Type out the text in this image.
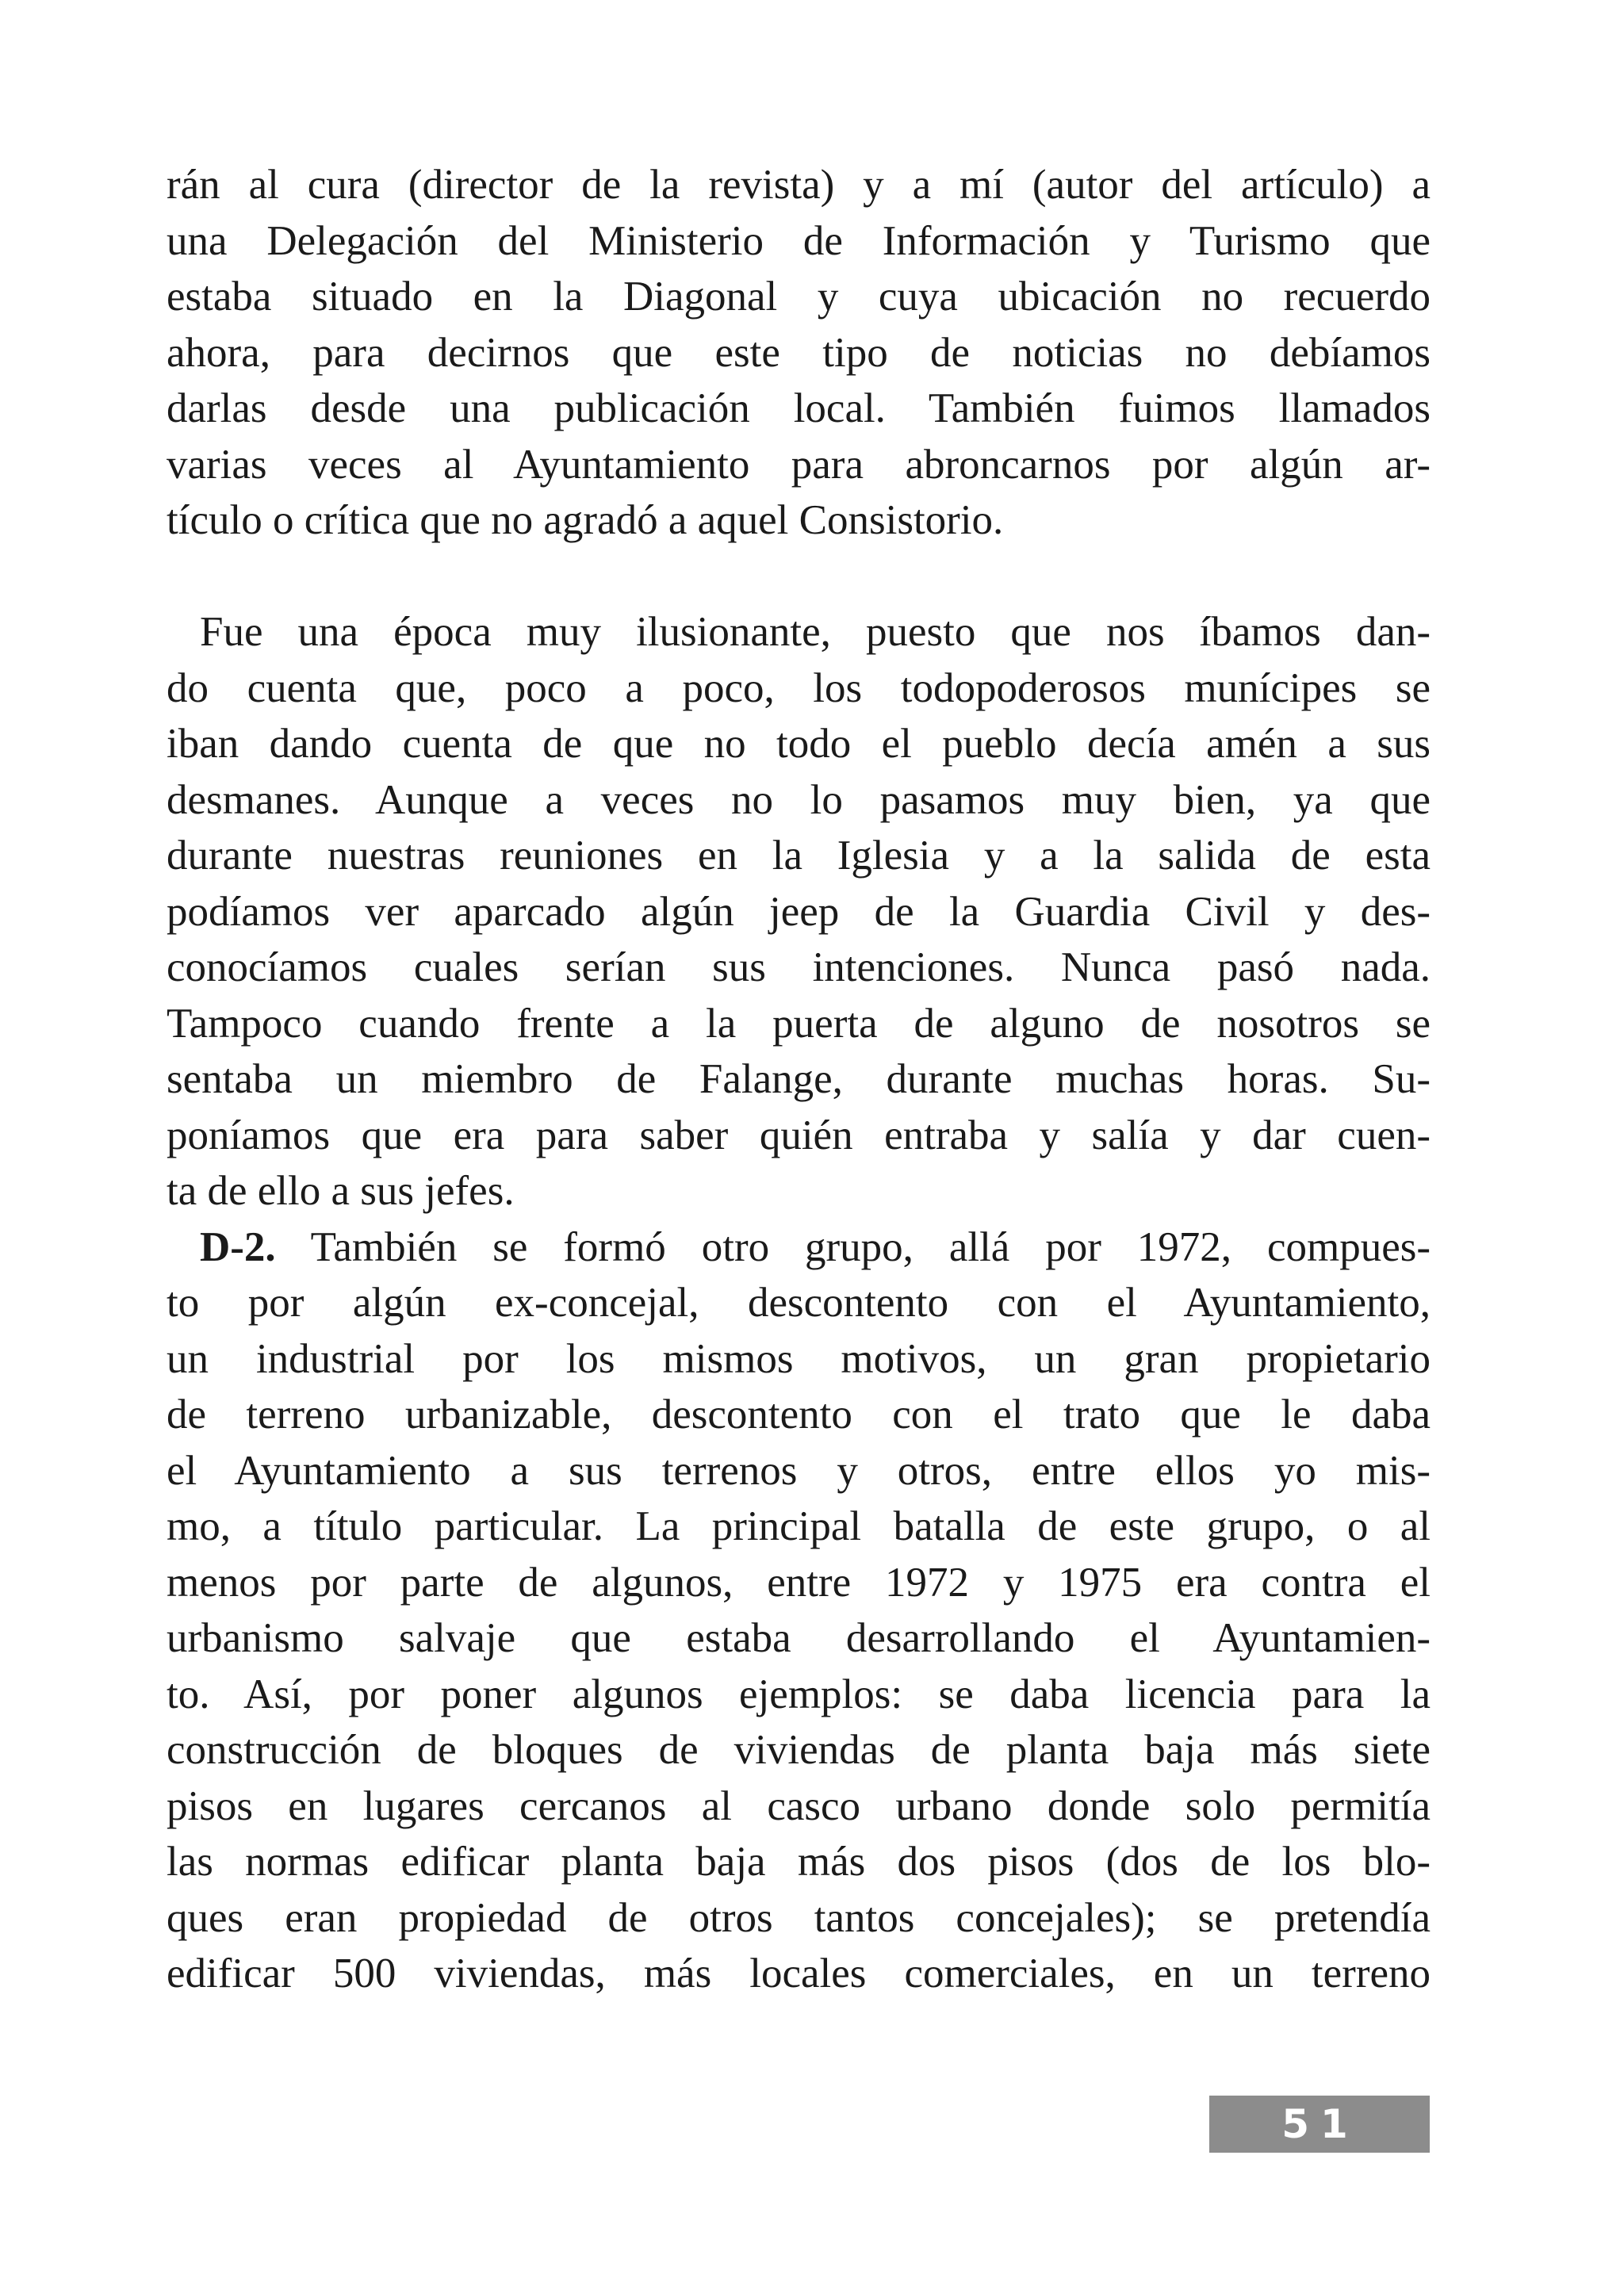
rán al cura (director de la revista) y a mí (autor del artículo) a
una Delegación del Ministerio de Información y Turismo que
estaba situado en la Diagonal y cuya ubicación no recuerdo
ahora, para decirnos que este tipo de noticias no debíamos
darlas desde una publicación local. También fuimos llamados
varias veces al Ayuntamiento para abroncarnos por algún ar-
tículo o crítica que no agradó a aquel Consistorio.
Fue una época muy ilusionante, puesto que nos íbamos dan-
do cuenta que, poco a poco, los todopoderosos munícipes se
iban dando cuenta de que no todo el pueblo decía amén a sus
desmanes. Aunque a veces no lo pasamos muy bien, ya que
durante nuestras reuniones en la Iglesia y a la salida de esta
podíamos ver aparcado algún jeep de la Guardia Civil y des-
conocíamos cuales serían sus intenciones. Nunca pasó nada.
Tampoco cuando frente a la puerta de alguno de nosotros se
sentaba un miembro de Falange, durante muchas horas. Su-
poníamos que era para saber quién entraba y salía y dar cuen-
ta de ello a sus jefes.
D-2. También se formó otro grupo, allá por 1972, compues-
to por algún ex-concejal, descontento con el Ayuntamiento,
un industrial por los mismos motivos, un gran propietario
de terreno urbanizable, descontento con el trato que le daba
el Ayuntamiento a sus terrenos y otros, entre ellos yo mis-
mo, a título particular. La principal batalla de este grupo, o al
menos por parte de algunos, entre 1972 y 1975 era contra el
urbanismo salvaje que estaba desarrollando el Ayuntamien-
to. Así, por poner algunos ejemplos: se daba licencia para la
construcción de bloques de viviendas de planta baja más siete
pisos en lugares cercanos al casco urbano donde solo permitía
las normas edificar planta baja más dos pisos (dos de los blo-
ques eran propiedad de otros tantos concejales); se pretendía
edificar 500 viviendas, más locales comerciales, en un terreno
51
